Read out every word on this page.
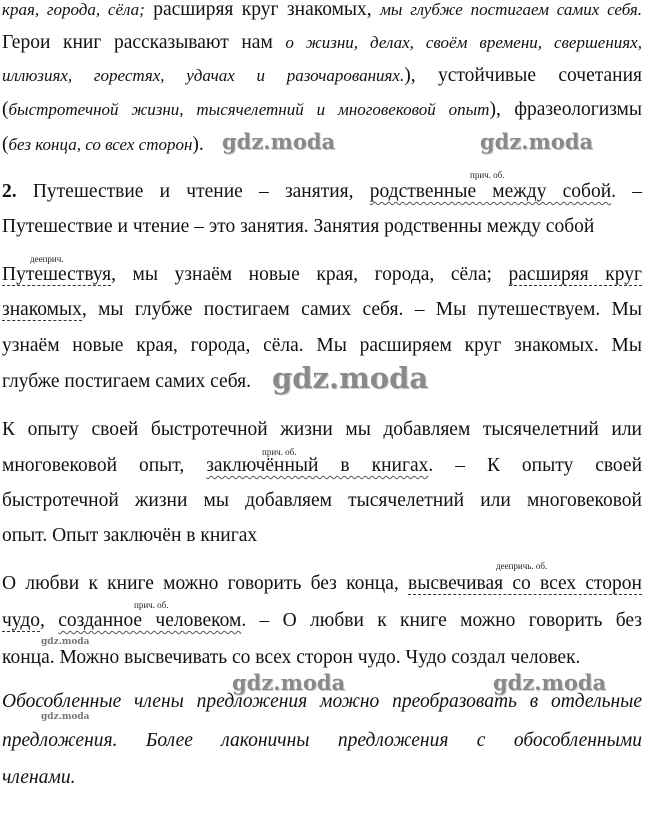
края, города, сёла; расширяя круг знакомых, мы глубже постигаем самих себя.
Герои книг рассказывают нам о жизни, делах, своём времени, свершениях,
иллюзиях, горестях, удачах и разочарованиях.), устойчивые сочетания
(быстротечной жизни, тысячелетний и многовековой опыт), фразеологизмы
(без конца, со всех сторон).
прич. об.
2. Путешествие и чтение – занятия, родственные между собой. –
Путешествие и чтение – это занятия. Занятия родственны между собой
дееприч.
Путешествуя, мы узнаём новые края, города, сёла; расширяя круг
знакомых, мы глубже постигаем самих себя. – Мы путешествуем. Мы
узнаём новые края, города, сёла. Мы расширяем круг знакомых. Мы
глубже постигаем самих себя.
К опыту своей быстротечной жизни мы добавляем тысячелетний или
прич. об.
многовековой опыт, заключённый в книгах. – К опыту своей
быстротечной жизни мы добавляем тысячелетний или многовековой
опыт. Опыт заключён в книгах
деепричь. об.
О любви к книге можно говорить без конца, высвечивая со всех сторон
прич. об.
чудо, созданное человеком. – О любви к книге можно говорить без
конца. Можно высвечивать со всех сторон чудо. Чудо создал человек.
Обособленные члены предложения можно преобразовать в отдельные
предложения. Более лаконичны предложения с обособленными
членами.
gdz.moda	gdz.moda
gdz.moda
gdz.moda
gdz.moda	gdz.moda
gdz.moda
